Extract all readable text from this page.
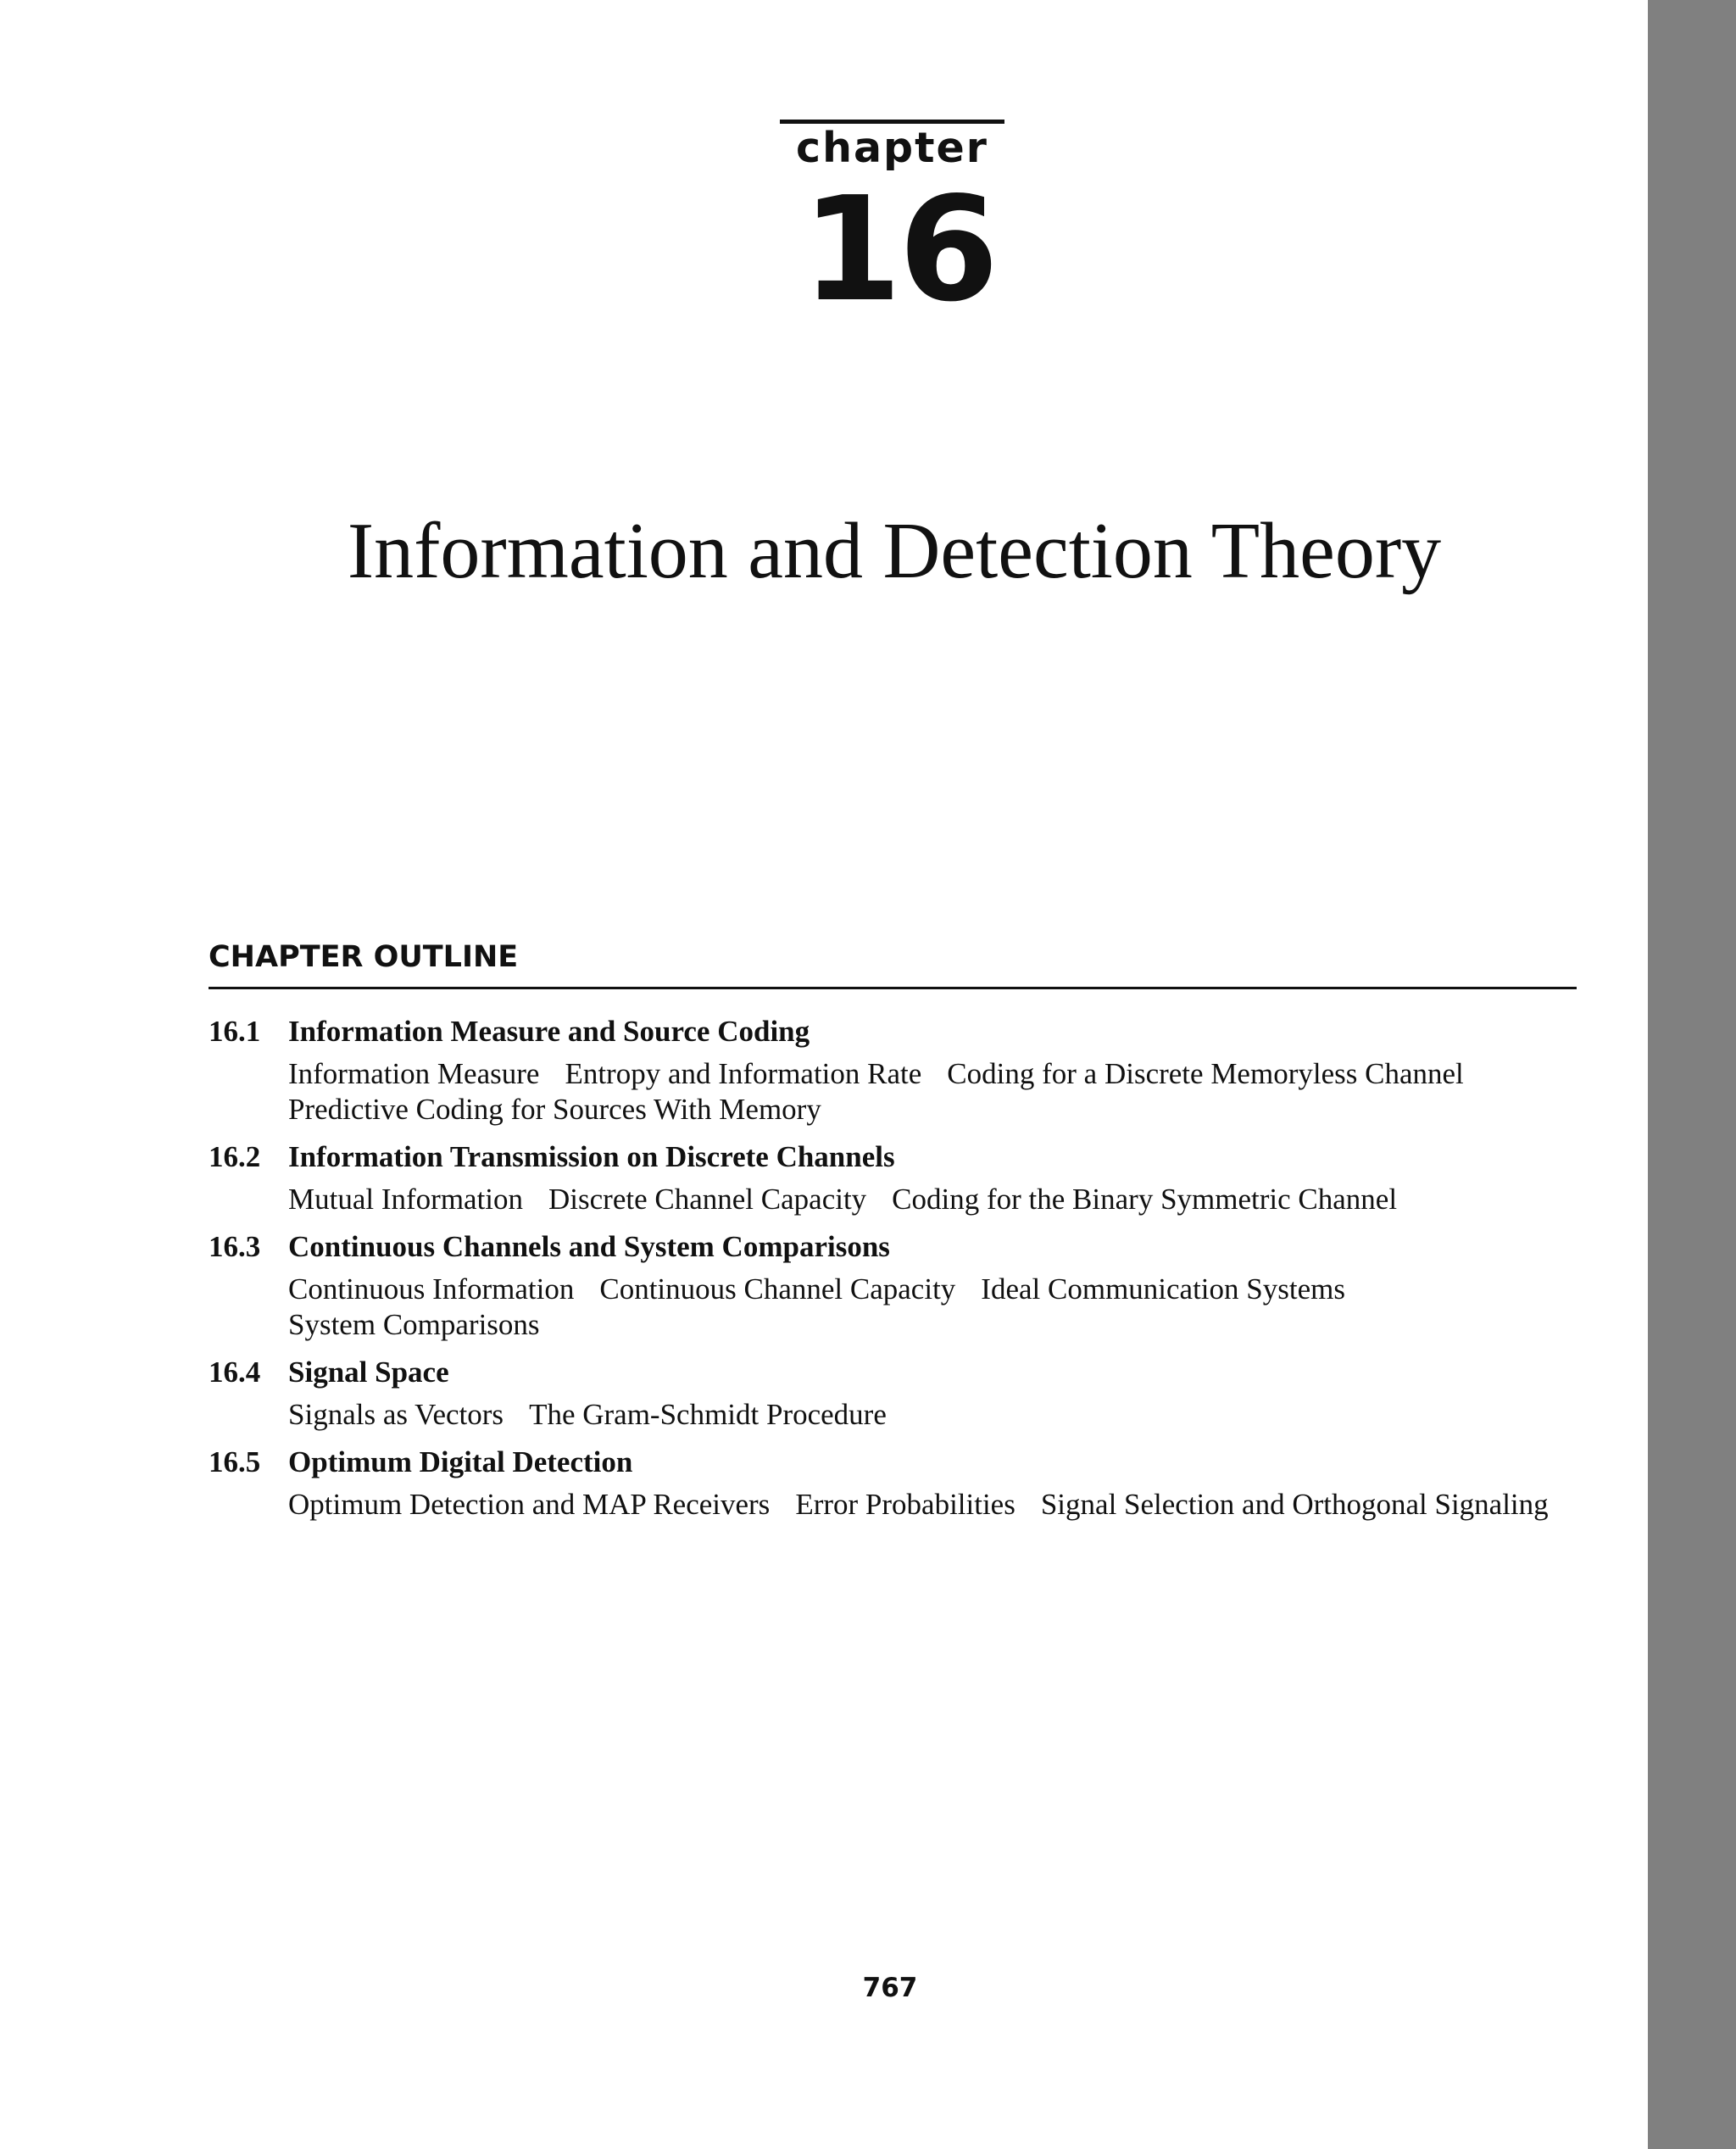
chapter
16
Information and Detection Theory
CHAPTER OUTLINE
16.1 Information Measure and Source Coding
Information Measure Entropy and Information Rate Coding for a Discrete Memoryless Channel
Predictive Coding for Sources With Memory
16.2 Information Transmission on Discrete Channels
Mutual Information Discrete Channel Capacity Coding for the Binary Symmetric Channel
16.3 Continuous Channels and System Comparisons
Continuous Information Continuous Channel Capacity Ideal Communication Systems
System Comparisons
16.4 Signal Space
Signals as Vectors The Gram-Schmidt Procedure
16.5 Optimum Digital Detection
Optimum Detection and MAP Receivers Error Probabilities Signal Selection and Orthogonal Signaling
767
